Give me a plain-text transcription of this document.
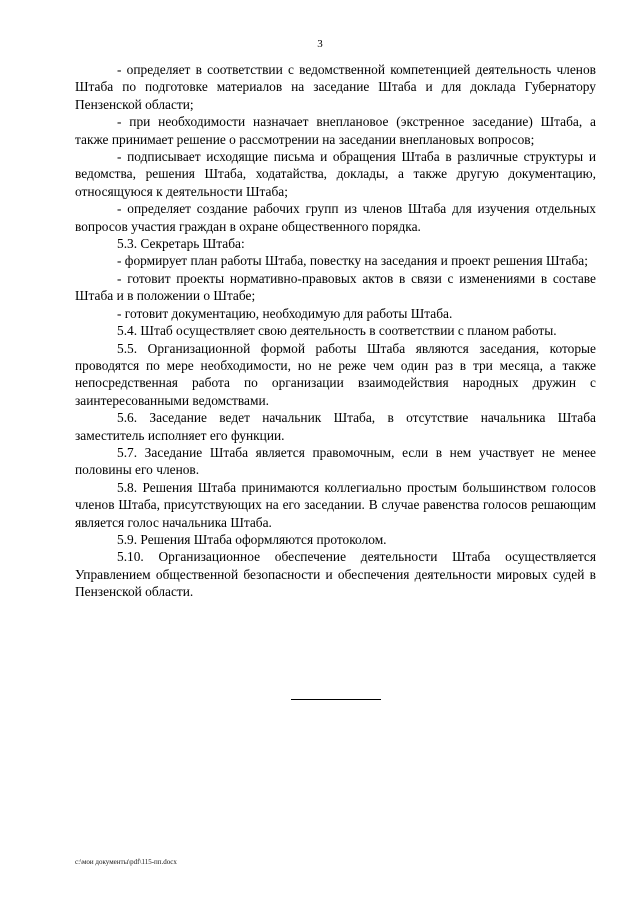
3

- определяет в соответствии с ведомственной компетенцией деятельность членов Штаба по подготовке материалов на заседание Штаба и для доклада Губернатору Пензенской области;

- при необходимости назначает внеплановое (экстренное заседание) Штаба, а также принимает решение о рассмотрении на заседании внеплановых вопросов;

- подписывает исходящие письма и обращения Штаба в различные структуры и ведомства, решения Штаба, ходатайства, доклады, а также другую документацию, относящуюся к деятельности Штаба;

- определяет создание рабочих групп из членов Штаба для изучения отдельных вопросов участия граждан в охране общественного порядка.

5.3. Секретарь Штаба:

- формирует план работы Штаба, повестку на заседания и проект решения Штаба;

- готовит проекты нормативно-правовых актов в связи с изменениями в составе Штаба и в положении о Штабе;

- готовит документацию, необходимую для работы Штаба.

5.4. Штаб осуществляет свою деятельность в соответствии с планом работы.

5.5. Организационной формой работы Штаба являются заседания, которые проводятся по мере необходимости, но не реже чем один раз в три месяца, а также непосредственная работа по организации взаимодействия народных дружин с заинтересованными ведомствами.

5.6. Заседание ведет начальник Штаба, в отсутствие начальника Штаба заместитель исполняет его функции.

5.7. Заседание Штаба является правомочным, если в нем участвует не менее половины его членов.

5.8. Решения Штаба принимаются коллегиально простым большинством голосов членов Штаба, присутствующих на его заседании. В случае равенства голосов решающим является голос начальника Штаба.

5.9. Решения Штаба оформляются протоколом.

5.10. Организационное обеспечение деятельности Штаба осуществляется Управлением общественной безопасности и обеспечения деятельности мировых судей в Пензенской области.

c:\мои документы\pdf\115-пп.docx
